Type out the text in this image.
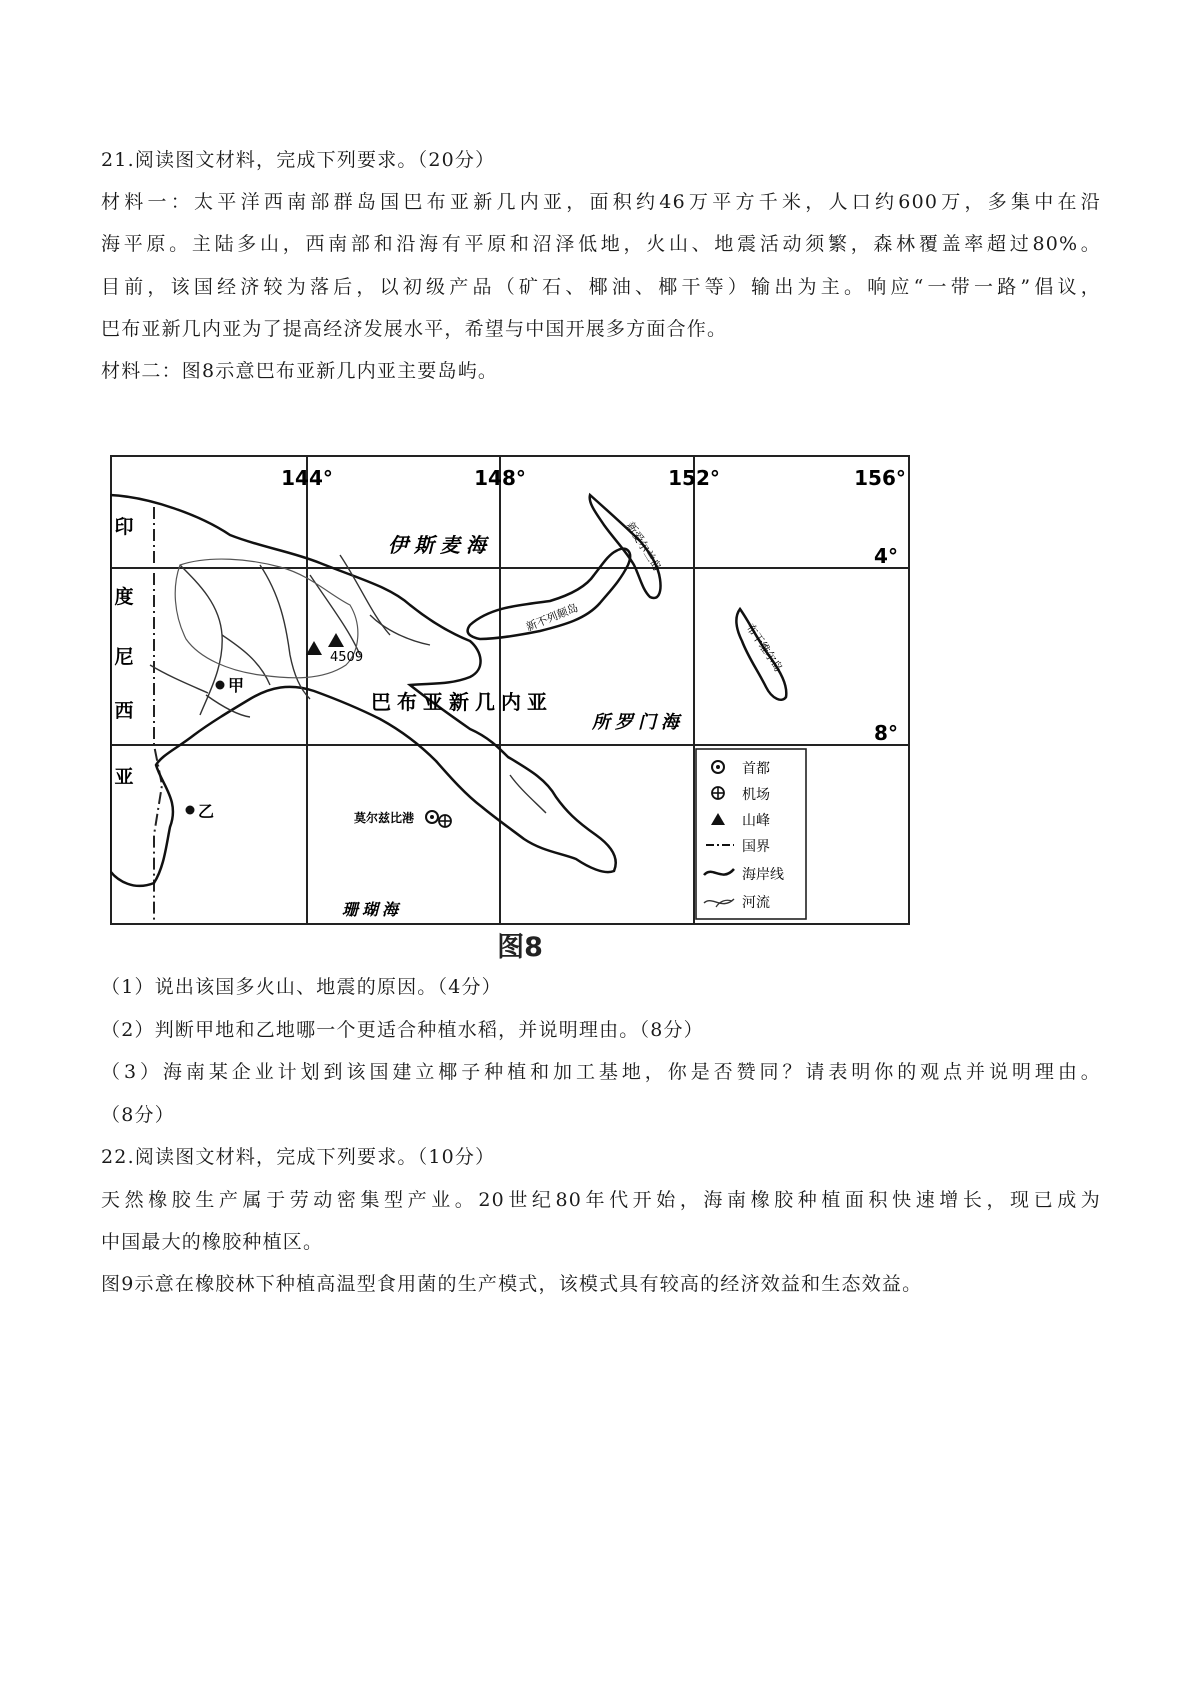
21.阅读图文材料，完成下列要求。（20分）
材料一：太平洋西南部群岛国巴布亚新几内亚，面积约46万平方千米，人口约600万，多集中在沿
海平原。主陆多山，西南部和沿海有平原和沼泽低地，火山、地震活动须繁，森林覆盖率超过80%。
目前，该国经济较为落后，以初级产品（矿石、椰油、椰干等）输出为主。响应“一带一路”倡议，
巴布亚新几内亚为了提高经济发展水平，希望与中国开展多方面合作。
材料二：图8示意巴布亚新几内亚主要岛屿。
144°	148°	152°	156°
4°
8°
印
度
尼
西
亚
新爱尔兰岛
新不列颠岛
布干维尔岛
伊斯麦海
所罗门海
珊瑚海
巴布亚新几内亚
4509
甲
乙	莫尔兹比港
首都
机场
山峰
国界
海岸线
河流
图8
（1）说出该国多火山、地震的原因。（4分）
（2）判断甲地和乙地哪一个更适合种植水稻，并说明理由。（8分）
（3）海南某企业计划到该国建立椰子种植和加工基地，你是否赞同？请表明你的观点并说明理由。
（8分）
22.阅读图文材料，完成下列要求。（10分）
天然橡胶生产属于劳动密集型产业。20世纪80年代开始，海南橡胶种植面积快速增长，现已成为
中国最大的橡胶种植区。
图9示意在橡胶林下种植高温型食用菌的生产模式，该模式具有较高的经济效益和生态效益。
